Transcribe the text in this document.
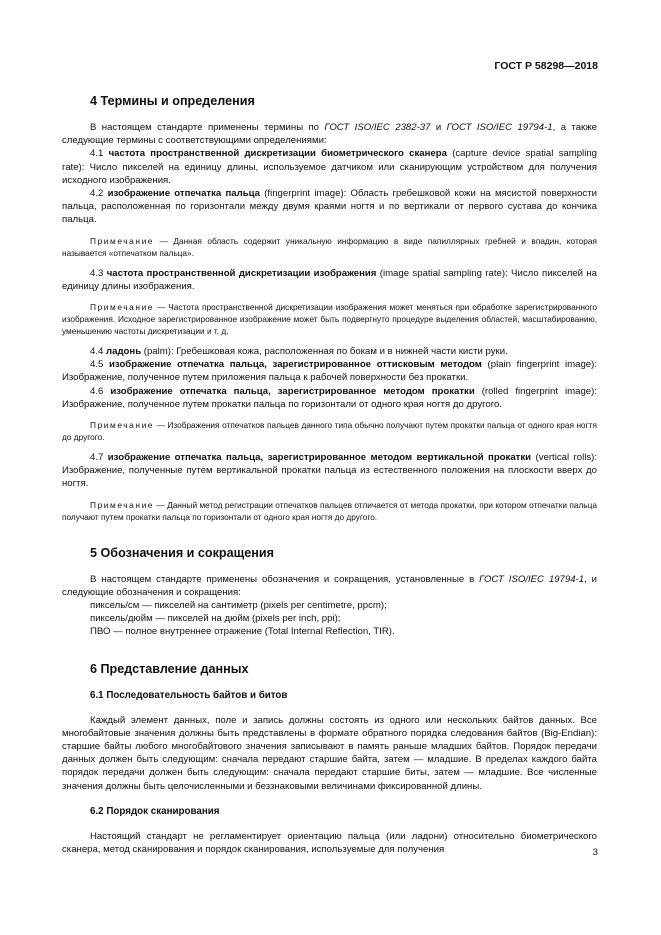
ГОСТ Р 58298—2018
4 Термины и определения

В настоящем стандарте применены термины по ГОСТ ISO/IEC 2382-37 и ГОСТ ISO/IEC 19794-1, а также следующие термины с соответствующими определениями:

4.1 частота пространственной дискретизации биометрического сканера (capture device spatial sampling rate): Число пикселей на единицу длины, используемое датчиком или сканирующим устройством для получения исходного изображения.

4.2 изображение отпечатка пальца (fingerprint image): Область гребешковой кожи на мясистой поверхности пальца, расположенная по горизонтали между двумя краями ногтя и по вертикали от первого сустава до кончика пальца.

Примечание — Данная область содержит уникальную информацию в виде папиллярных гребней и впадин, которая называется «отпечатком пальца».

4.3 частота пространственной дискретизации изображения (image spatial sampling rate): Число пикселей на единицу длины изображения.

Примечание — Частота пространственной дискретизации изображения может меняться при обработке зарегистрированного изображения. Исходное зарегистрированное изображение может быть подвергнуто процедуре выделения областей, масштабированию, уменьшению частоты дискретизации и т. д.

4.4 ладонь (palm): Гребешковая кожа, расположенная по бокам и в нижней части кисти руки.

4.5 изображение отпечатка пальца, зарегистрированное оттисковым методом (plain fingerprint image): Изображение, полученное путем приложения пальца к рабочей поверхности без прокатки.

4.6 изображение отпечатка пальца, зарегистрированное методом прокатки (rolled fingerprint image): Изображение, полученное путем прокатки пальца по горизонтали от одного края ногтя до другого.

Примечание — Изображения отпечатков пальцев данного типа обычно получают путем прокатки пальца от одного края ногтя до другого.

4.7 изображение отпечатка пальца, зарегистрированное методом вертикальной прокатки (vertical rolls): Изображение, полученные путем вертикальной прокатки пальца из естественного положения на плоскости вверх до ногтя.

Примечание — Данный метод регистрации отпечатков пальцев отличается от метода прокатки, при котором отпечатки пальца получают путем прокатки пальца по горизонтали от одного края ногтя до другого.

5 Обозначения и сокращения

В настоящем стандарте применены обозначения и сокращения, установленные в ГОСТ ISO/IEC 19794-1, и следующие обозначения и сокращения:

пиксель/см — пикселей на сантиметр (pixels per centimetre, ppcm);

пиксель/дюйм — пикселей на дюйм (pixels per inch, ppi);

ПВО — полное внутреннее отражение (Total Internal Reflection, TIR).

6 Представление данных
6.1 Последовательность байтов и битов

Каждый элемент данных, поле и запись должны состоять из одного или нескольких байтов данных. Все многобайтовые значения должны быть представлены в формате обратного порядка следования байтов (Big-Endian): старшие байты любого многобайтового значения записывают в память раньше младших байтов. Порядок передачи данных должен быть следующим: сначала передают старшие байта, затем — младшие. В пределах каждого байта порядок передачи должен быть следующим: сначала передают старшие биты, затем — младшие. Все численные значения должны быть целочисленными и беззнаковыми величинами фиксированной длины.

6.2 Порядок сканирования

Настоящий стандарт не регламентирует ориентацию пальца (или ладони) относительно биометрического сканера, метод сканирования и порядок сканирования, используемые для получения	3
